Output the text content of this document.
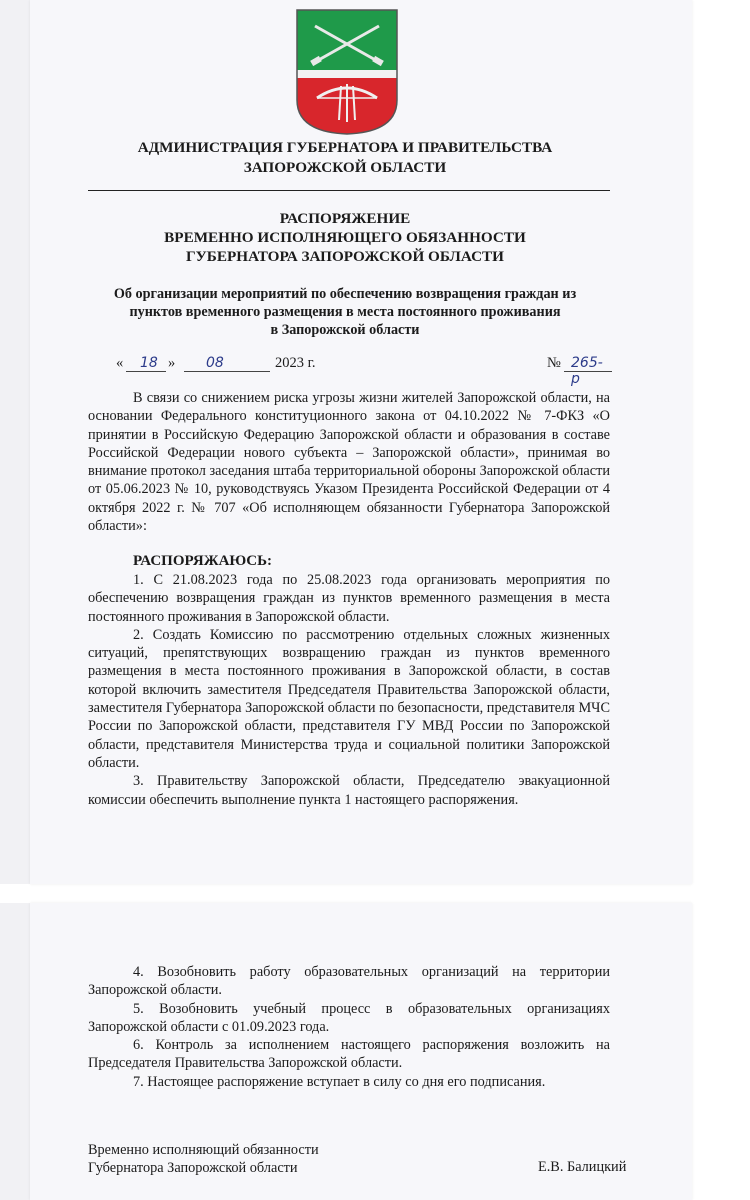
АДМИНИСТРАЦИЯ ГУБЕРНАТОРА И ПРАВИТЕЛЬСТВА
ЗАПОРОЖСКОЙ ОБЛАСТИ
РАСПОРЯЖЕНИЕ
ВРЕМЕННО ИСПОЛНЯЮЩЕГО ОБЯЗАННОСТИ
ГУБЕРНАТОРА ЗАПОРОЖСКОЙ ОБЛАСТИ
Об организации мероприятий по обеспечению возвращения граждан из
пунктов временного размещения в места постоянного проживания
в Запорожской области
« 18 » 08	2023 г.	№ 265-р

В связи со снижением риска угрозы жизни жителей Запорожской области, на основании Федерального конституционного закона от 04.10.2022 № 7-ФКЗ «О принятии в Российскую Федерацию Запорожской области и образования в составе Российской Федерации нового субъекта – Запорожской области», принимая во внимание протокол заседания штаба территориальной обороны Запорожской области от 05.06.2023 № 10, руководствуясь Указом Президента Российской Федерации от 4 октября 2022 г. № 707 «Об исполняющем обязанности Губернатора Запорожской области»:

РАСПОРЯЖАЮСЬ:

1. С 21.08.2023 года по 25.08.2023 года организовать мероприятия по обеспечению возвращения граждан из пунктов временного размещения в места постоянного проживания в Запорожской области.

2. Создать Комиссию по рассмотрению отдельных сложных жизненных ситуаций, препятствующих возвращению граждан из пунктов временного размещения в места постоянного проживания в Запорожской области, в состав которой включить заместителя Председателя Правительства Запорожской области, заместителя Губернатора Запорожской области по безопасности, представителя МЧС России по Запорожской области, представителя ГУ МВД России по Запорожской области, представителя Министерства труда и социальной политики Запорожской области.

3. Правительству Запорожской области, Председателю эвакуационной комиссии обеспечить выполнение пункта 1 настоящего распоряжения.

4. Возобновить работу образовательных организаций на территории Запорожской области.

5. Возобновить учебный процесс в образовательных организациях Запорожской области с 01.09.2023 года.

6. Контроль за исполнением настоящего распоряжения возложить на Председателя Правительства Запорожской области.

7. Настоящее распоряжение вступает в силу со дня его подписания.

Временно исполняющий обязанности
Губернатора Запорожской области	Е.В. Балицкий
